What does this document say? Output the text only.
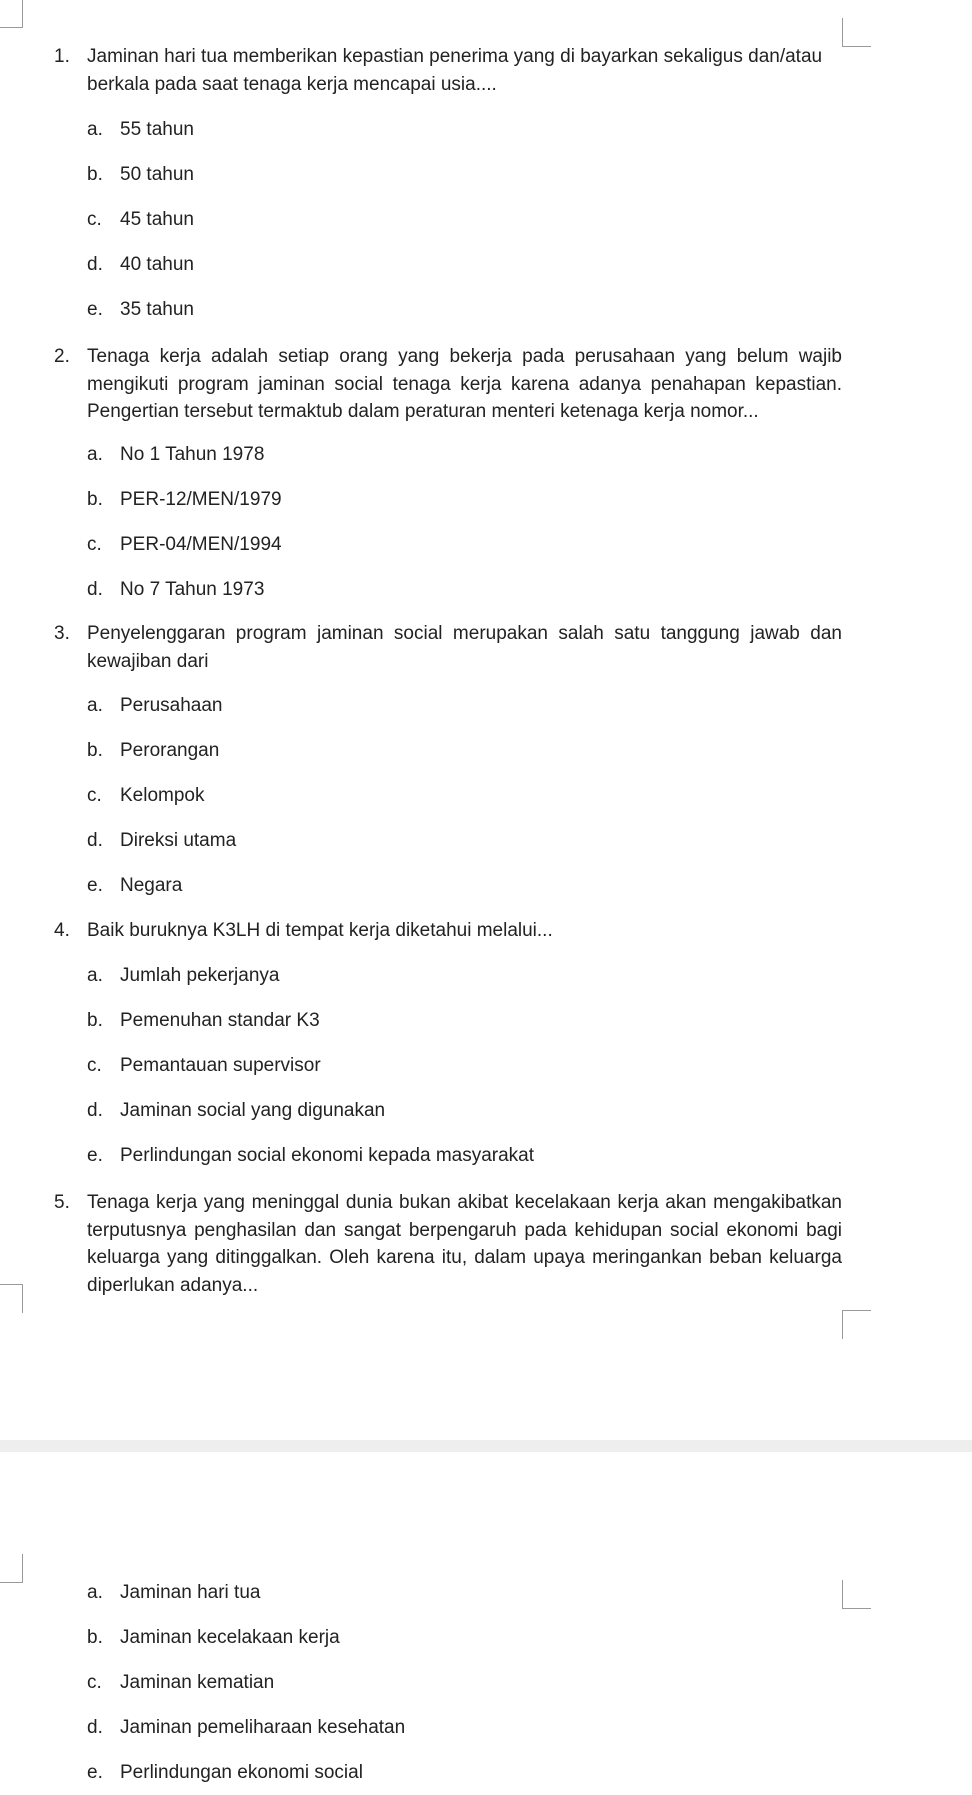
1. Jaminan hari tua memberikan kepastian penerima yang di bayarkan sekaligus dan/atau berkala pada saat tenaga kerja mencapai usia....
a. 55 tahun
b. 50 tahun
c. 45 tahun
d. 40 tahun
e. 35 tahun
2. Tenaga kerja adalah setiap orang yang bekerja pada perusahaan yang belum wajib mengikuti program jaminan social tenaga kerja karena adanya penahapan kepastian. Pengertian tersebut termaktub dalam peraturan menteri ketenaga kerja nomor...
a. No 1 Tahun 1978
b. PER-12/MEN/1979
c. PER-04/MEN/1994
d. No 7 Tahun 1973
3. Penyelenggaran program jaminan social merupakan salah satu tanggung jawab dan kewajiban dari
a. Perusahaan
b. Perorangan
c. Kelompok
d. Direksi utama
e. Negara
4. Baik buruknya K3LH di tempat kerja diketahui melalui...
a. Jumlah pekerjanya
b. Pemenuhan standar K3
c. Pemantauan supervisor
d. Jaminan social yang digunakan
e. Perlindungan social ekonomi kepada masyarakat
5. Tenaga kerja yang meninggal dunia bukan akibat kecelakaan kerja akan mengakibatkan terputusnya penghasilan dan sangat berpengaruh pada kehidupan social ekonomi bagi keluarga yang ditinggalkan. Oleh karena itu, dalam upaya meringankan beban keluarga diperlukan adanya...
a. Jaminan hari tua
b. Jaminan kecelakaan kerja
c. Jaminan kematian
d. Jaminan pemeliharaan kesehatan
e. Perlindungan ekonomi social
